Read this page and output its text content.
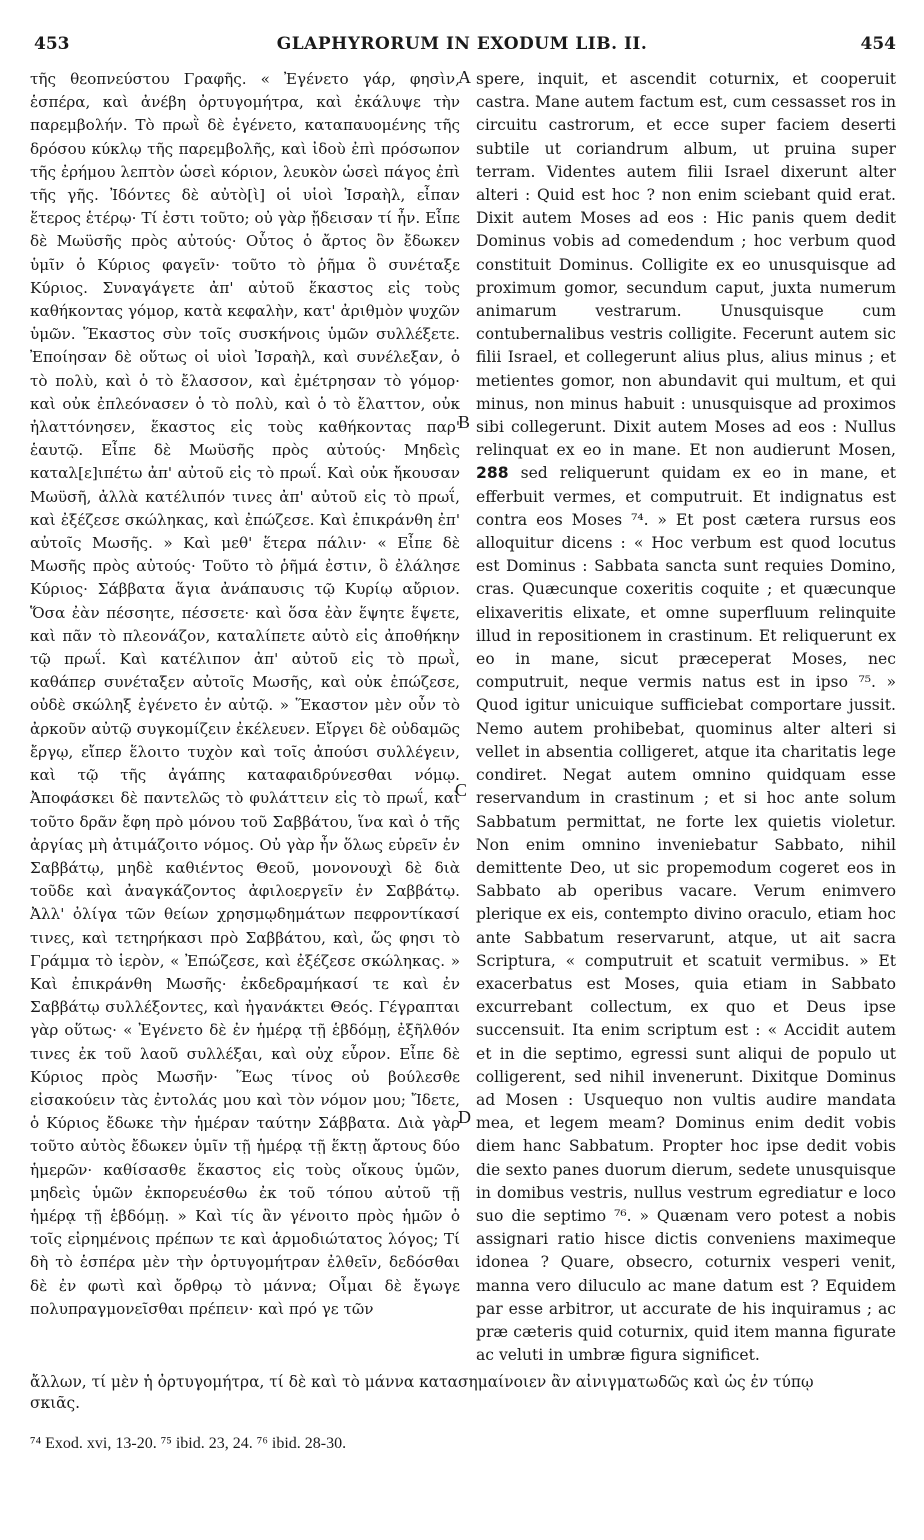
453	GLAPHYRORUM IN EXODUM LIB. II.	454

τῆς θεοπνεύστου Γραφῆς. « Ἐγένετο γάρ, φησὶν, ἑσπέρα, καὶ ἀνέβη ὀρτυγομήτρα, καὶ ἐκάλυψε τὴν παρεμβολήν. Τὸ πρωῒ δὲ ἐγένετο, καταπαυομένης τῆς δρόσου κύκλῳ τῆς παρεμβολῆς, καὶ ἰδοὺ ἐπὶ πρόσωπον τῆς ἐρήμου λεπτὸν ὡσεὶ κόριον, λευκὸν ὡσεὶ πάγος ἐπὶ τῆς γῆς. Ἰδόντες δὲ αὐτὸ[ὶ] οἱ υἱοὶ Ἰσραὴλ, εἶπαν ἕτερος ἑτέρῳ· Τί ἐστι τοῦτο; οὐ γὰρ ᾔδεισαν τί ἦν. Εἶπε δὲ Μωϋσῆς πρὸς αὐτούς· Οὗτος ὁ ἄρτος ὃν ἔδωκεν ὑμῖν ὁ Κύριος φαγεῖν· τοῦτο τὸ ῥῆμα ὃ συνέταξε Κύριος. Συναγάγετε ἀπ' αὐτοῦ ἕκαστος εἰς τοὺς καθήκοντας γόμορ, κατὰ κεφαλὴν, κατ' ἀριθμὸν ψυχῶν ὑμῶν. Ἕκαστος σὺν τοῖς συσκήνοις ὑμῶν συλλέξετε. Ἐποίησαν δὲ οὕτως οἱ υἱοὶ Ἰσραὴλ, καὶ συνέλεξαν, ὁ τὸ πολὺ, καὶ ὁ τὸ ἔλασσον, καὶ ἐμέτρησαν τὸ γόμορ· καὶ οὐκ ἐπλεόνασεν ὁ τὸ πολὺ, καὶ ὁ τὸ ἔλαττον, οὐκ ἠλαττόνησεν, ἕκαστος εἰς τοὺς καθήκοντας παρ' ἑαυτῷ. Εἶπε δὲ Μωϋσῆς πρὸς αὐτούς· Μηδεὶς καταλ[ε]ιπέτω ἀπ' αὐτοῦ εἰς τὸ πρωΐ. Καὶ οὐκ ἤκουσαν Μωϋσῆ, ἀλλὰ κατέλιπόν τινες ἀπ' αὐτοῦ εἰς τὸ πρωΐ, καὶ ἐξέζεσε σκώληκας, καὶ ἐπώζεσε. Καὶ ἐπικράνθη ἐπ' αὐτοῖς Μωσῆς. » Καὶ μεθ' ἕτερα πάλιν· « Εἶπε δὲ Μωσῆς πρὸς αὐτούς· Τοῦτο τὸ ῥῆμά ἐστιν, ὃ ἐλάλησε Κύριος· Σάββατα ἅγια ἀνάπαυσις τῷ Κυρίῳ αὔριον. Ὅσα ἐὰν πέσσητε, πέσσετε· καὶ ὅσα ἐὰν ἕψητε ἕψετε, καὶ πᾶν τὸ πλεονάζον, καταλίπετε αὐτὸ εἰς ἀποθήκην τῷ πρωΐ. Καὶ κατέλιπον ἀπ' αὐτοῦ εἰς τὸ πρωῒ, καθάπερ συνέταξεν αὐτοῖς Μωσῆς, καὶ οὐκ ἐπώζεσε, οὐδὲ σκώληξ ἐγένετο ἐν αὐτῷ. » Ἕκαστον μὲν οὖν τὸ ἀρκοῦν αὐτῷ συγκομίζειν ἐκέλευεν. Εἴργει δὲ οὐδαμῶς ἔργῳ, εἴπερ ἕλοιτο τυχὸν καὶ τοῖς ἀπούσι συλλέγειν, καὶ τῷ τῆς ἀγάπης καταφαιδρύνεσθαι νόμῳ. Ἀποφάσκει δὲ παντελῶς τὸ φυλάττειν εἰς τὸ πρωΐ, καὶ τοῦτο δρᾶν ἔφη πρὸ μόνου τοῦ Σαββάτου, ἵνα καὶ ὁ τῆς ἀργίας μὴ ἀτιμάζοιτο νόμος. Οὐ γὰρ ἦν ὅλως εὑρεῖν ἐν Σαββάτῳ, μηδὲ καθιέντος Θεοῦ, μονονουχὶ δὲ διὰ τοῦδε καὶ ἀναγκάζοντος ἀφιλοεργεῖν ἐν Σαββάτῳ. Ἀλλ' ὀλίγα τῶν θείων χρησμῳδημάτων πεφροντίκασί τινες, καὶ τετηρήκασι πρὸ Σαββάτου, καὶ, ὥς φησι τὸ Γράμμα τὸ ἱερὸν, « Ἐπώζεσε, καὶ ἐξέζεσε σκώληκας. » Καὶ ἐπικράνθη Μωσῆς· ἐκδεδραμήκασί τε καὶ ἐν Σαββάτῳ συλλέξοντες, καὶ ἠγανάκτει Θεός. Γέγραπται γὰρ οὕτως· « Ἐγένετο δὲ ἐν ἡμέρᾳ τῇ ἑβδόμῃ, ἐξῆλθόν τινες ἐκ τοῦ λαοῦ συλλέξαι, καὶ οὐχ εὗρον. Εἶπε δὲ Κύριος πρὸς Μωσῆν· Ἕως τίνος οὐ βούλεσθε εἰσακούειν τὰς ἐντολάς μου καὶ τὸν νόμον μου; Ἴδετε, ὁ Κύριος ἔδωκε τὴν ἡμέραν ταύτην Σάββατα. Διὰ γὰρ τοῦτο αὐτὸς ἔδωκεν ὑμῖν τῇ ἡμέρᾳ τῇ ἕκτῃ ἄρτους δύο ἡμερῶν· καθίσασθε ἕκαστος εἰς τοὺς οἴκους ὑμῶν, μηδεὶς ὑμῶν ἐκπορευέσθω ἐκ τοῦ τόπου αὐτοῦ τῇ ἡμέρᾳ τῇ ἑβδόμῃ. » Καὶ τίς ἂν γένοιτο πρὸς ἡμῶν ὁ τοῖς εἰρημένοις πρέπων τε καὶ ἁρμοδιώτατος λόγος; Τί δὴ τὸ ἑσπέρα μὲν τὴν ὀρτυγομήτραν ἐλθεῖν, δεδόσθαι δὲ ἐν φωτὶ καὶ ὄρθρῳ τὸ μάννα; Οἶμαι δὲ ἔγωγε πολυπραγμονεῖσθαι πρέπειν· καὶ πρό γε τῶν

A
B
C
D

spere, inquit, et ascendit coturnix, et cooperuit castra. Mane autem factum est, cum cessasset ros in circuitu castrorum, et ecce super faciem deserti subtile ut coriandrum album, ut pruina super terram. Videntes autem filii Israel dixerunt alter alteri : Quid est hoc ? non enim sciebant quid erat. Dixit autem Moses ad eos : Hic panis quem dedit Dominus vobis ad comedendum ; hoc verbum quod constituit Dominus. Colligite ex eo unusquisque ad proximum gomor, secundum caput, juxta numerum animarum vestrarum. Unusquisque cum contubernalibus vestris colligite. Fecerunt autem sic filii Israel, et collegerunt alius plus, alius minus ; et metientes gomor, non abundavit qui multum, et qui minus, non minus habuit : unusquisque ad proximos sibi collegerunt. Dixit autem Moses ad eos : Nullus relinquat ex eo in mane. Et non audierunt Mosen, 288 sed reliquerunt quidam ex eo in mane, et efferbuit vermes, et computruit. Et indignatus est contra eos Moses ⁷⁴. » Et post cætera rursus eos alloquitur dicens : « Hoc verbum est quod locutus est Dominus : Sabbata sancta sunt requies Domino, cras. Quæcunque coxeritis coquite ; et quæcunque elixaveritis elixate, et omne superfluum relinquite illud in repositionem in crastinum. Et reliquerunt ex eo in mane, sicut præceperat Moses, nec computruit, neque vermis natus est in ipso ⁷⁵. » Quod igitur unicuique sufficiebat comportare jussit. Nemo autem prohibebat, quominus alter alteri si vellet in absentia colligeret, atque ita charitatis lege condiret. Negat autem omnino quidquam esse reservandum in crastinum ; et si hoc ante solum Sabbatum permittat, ne forte lex quietis violetur. Non enim omnino inveniebatur Sabbato, nihil demittente Deo, ut sic propemodum cogeret eos in Sabbato ab operibus vacare. Verum enimvero plerique ex eis, contempto divino oraculo, etiam hoc ante Sabbatum reservarunt, atque, ut ait sacra Scriptura, « computruit et scatuit vermibus. » Et exacerbatus est Moses, quia etiam in Sabbato excurrebant collectum, ex quo et Deus ipse succensuit. Ita enim scriptum est : « Accidit autem et in die septimo, egressi sunt aliqui de populo ut colligerent, sed nihil invenerunt. Dixitque Dominus ad Mosen : Usquequo non vultis audire mandata mea, et legem meam? Dominus enim dedit vobis diem hanc Sabbatum. Propter hoc ipse dedit vobis die sexto panes duorum dierum, sedete unusquisque in domibus vestris, nullus vestrum egrediatur e loco suo die septimo ⁷⁶. » Quænam vero potest a nobis assignari ratio hisce dictis conveniens maximeque idonea ? Quare, obsecro, coturnix vesperi venit, manna vero diluculo ac mane datum est ? Equidem par esse arbitror, ut accurate de his inquiramus ; ac præ cæteris quid coturnix, quid item manna figurate ac veluti in umbræ figura significet.

ἄλλων, τί μὲν ἡ ὀρτυγομήτρα, τί δὲ καὶ τὸ μάννα κατασημαίνοιεν ἂν αἰνιγματωδῶς καὶ ὡς ἐν τύπῳ

σκιᾶς.
⁷⁴ Exod. xvi, 13-20. ⁷⁵ ibid. 23, 24. ⁷⁶ ibid. 28-30.
